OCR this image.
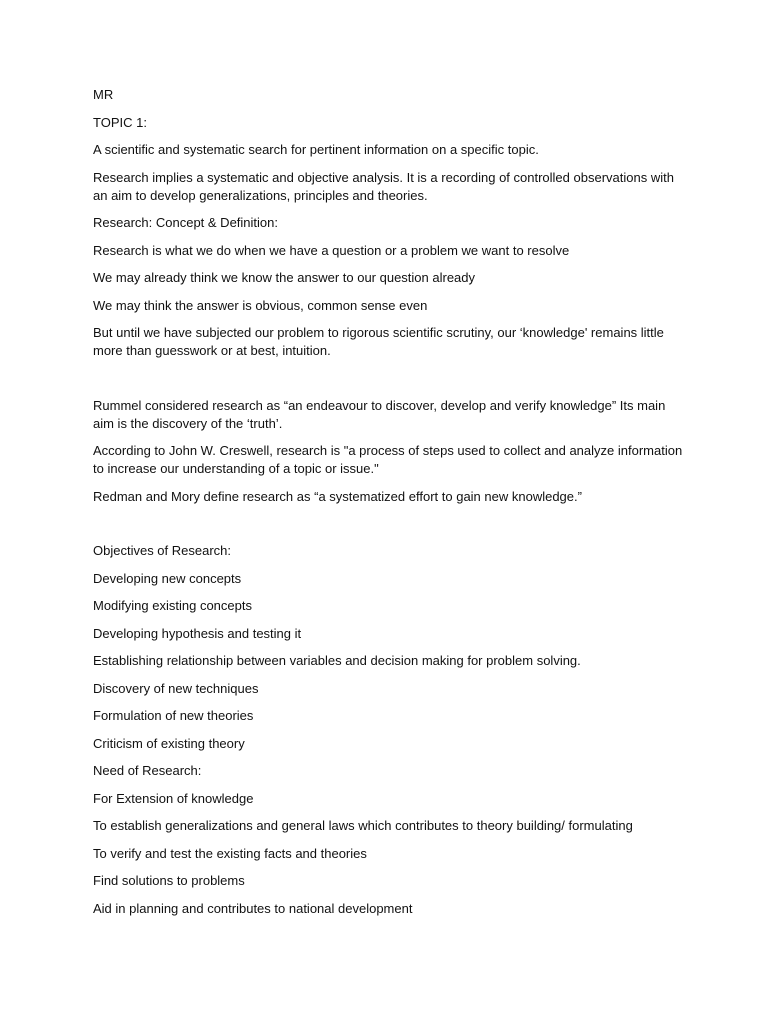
MR

TOPIC 1:

A scientific and systematic search for pertinent information on a specific topic.

Research implies a systematic and objective analysis. It is a recording of controlled observations with an aim to develop generalizations, principles and theories.

Research: Concept & Definition:

Research is what we do when we have a question or a problem we want to resolve

We may already think we know the answer to our question already

We may think the answer is obvious, common sense even

But until we have subjected our problem to rigorous scientific scrutiny, our ‘knowledge' remains little more than guesswork or at best, intuition.

Rummel considered research as “an endeavour to discover, develop and verify knowledge” Its main aim is the discovery of the ‘truth’.

According to John W. Creswell, research is "a process of steps used to collect and analyze information to increase our understanding of a topic or issue."

Redman and Mory define research as “a systematized effort to gain new knowledge.”

Objectives of Research:

Developing new concepts

Modifying existing concepts

Developing hypothesis and testing it

Establishing relationship between variables and decision making for problem solving.

Discovery of new techniques

Formulation of new theories

Criticism of existing theory

Need of Research:

For Extension of knowledge

To establish generalizations and general laws which contributes to theory building/ formulating

To verify and test the existing facts and theories

Find solutions to problems

Aid in planning and contributes to national development
